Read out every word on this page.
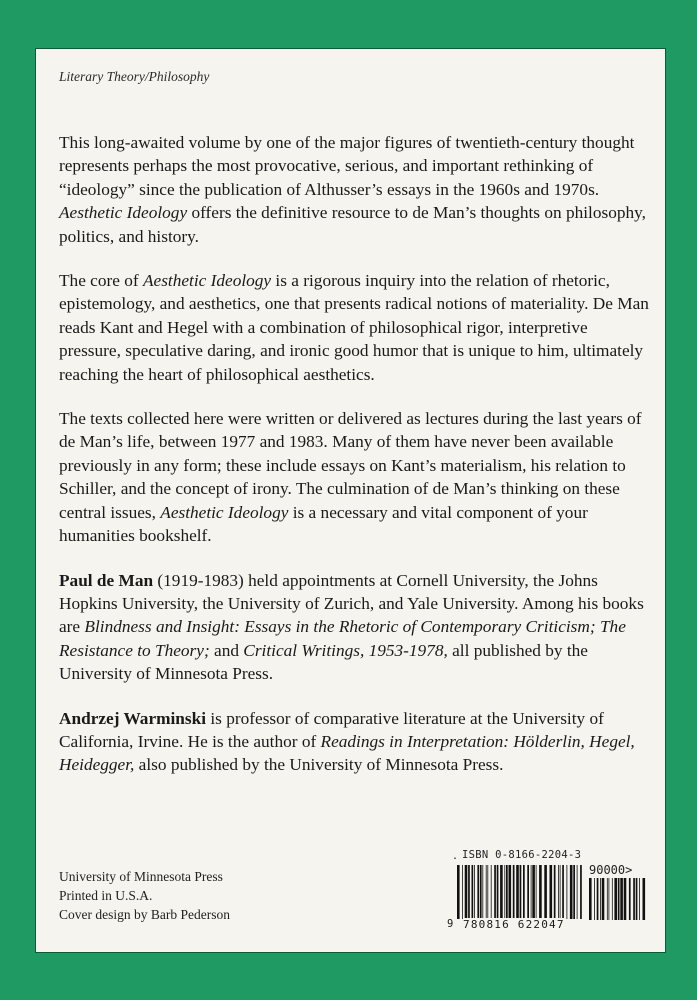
Literary Theory/Philosophy

This long-awaited volume by one of the major figures of twentieth-century thought represents perhaps the most provocative, serious, and important rethinking of “ideology” since the publication of Althusser’s essays in the 1960s and 1970s. Aesthetic Ideology offers the definitive resource to de Man’s thoughts on philosophy, politics, and history.

The core of Aesthetic Ideology is a rigorous inquiry into the relation of rhetoric, epistemology, and aesthetics, one that presents radical notions of materiality. De Man reads Kant and Hegel with a combination of philosophical rigor, interpretive pressure, speculative daring, and ironic good humor that is unique to him, ultimately reaching the heart of philosophical aesthetics.

The texts collected here were written or delivered as lectures during the last years of de Man’s life, between 1977 and 1983. Many of them have never been available previously in any form; these include essays on Kant’s materialism, his relation to Schiller, and the concept of irony. The culmination of de Man’s thinking on these central issues, Aesthetic Ideology is a necessary and vital component of your humanities bookshelf.

Paul de Man (1919-1983) held appointments at Cornell University, the Johns Hopkins University, the University of Zurich, and Yale University. Among his books are Blindness and Insight: Essays in the Rhetoric of Contemporary Criticism; The Resistance to Theory; and Critical Writings, 1953-1978, all published by the University of Minnesota Press.

Andrzej Warminski is professor of comparative literature at the University of California, Irvine. He is the author of Readings in Interpretation: Hölderlin, Hegel, Heidegger, also published by the University of Minnesota Press.

University of Minnesota Press
Printed in U.S.A.
Cover design by Barb Pederson
. ISBN 0-8166-2204-3
90000>
9 780816 622047
